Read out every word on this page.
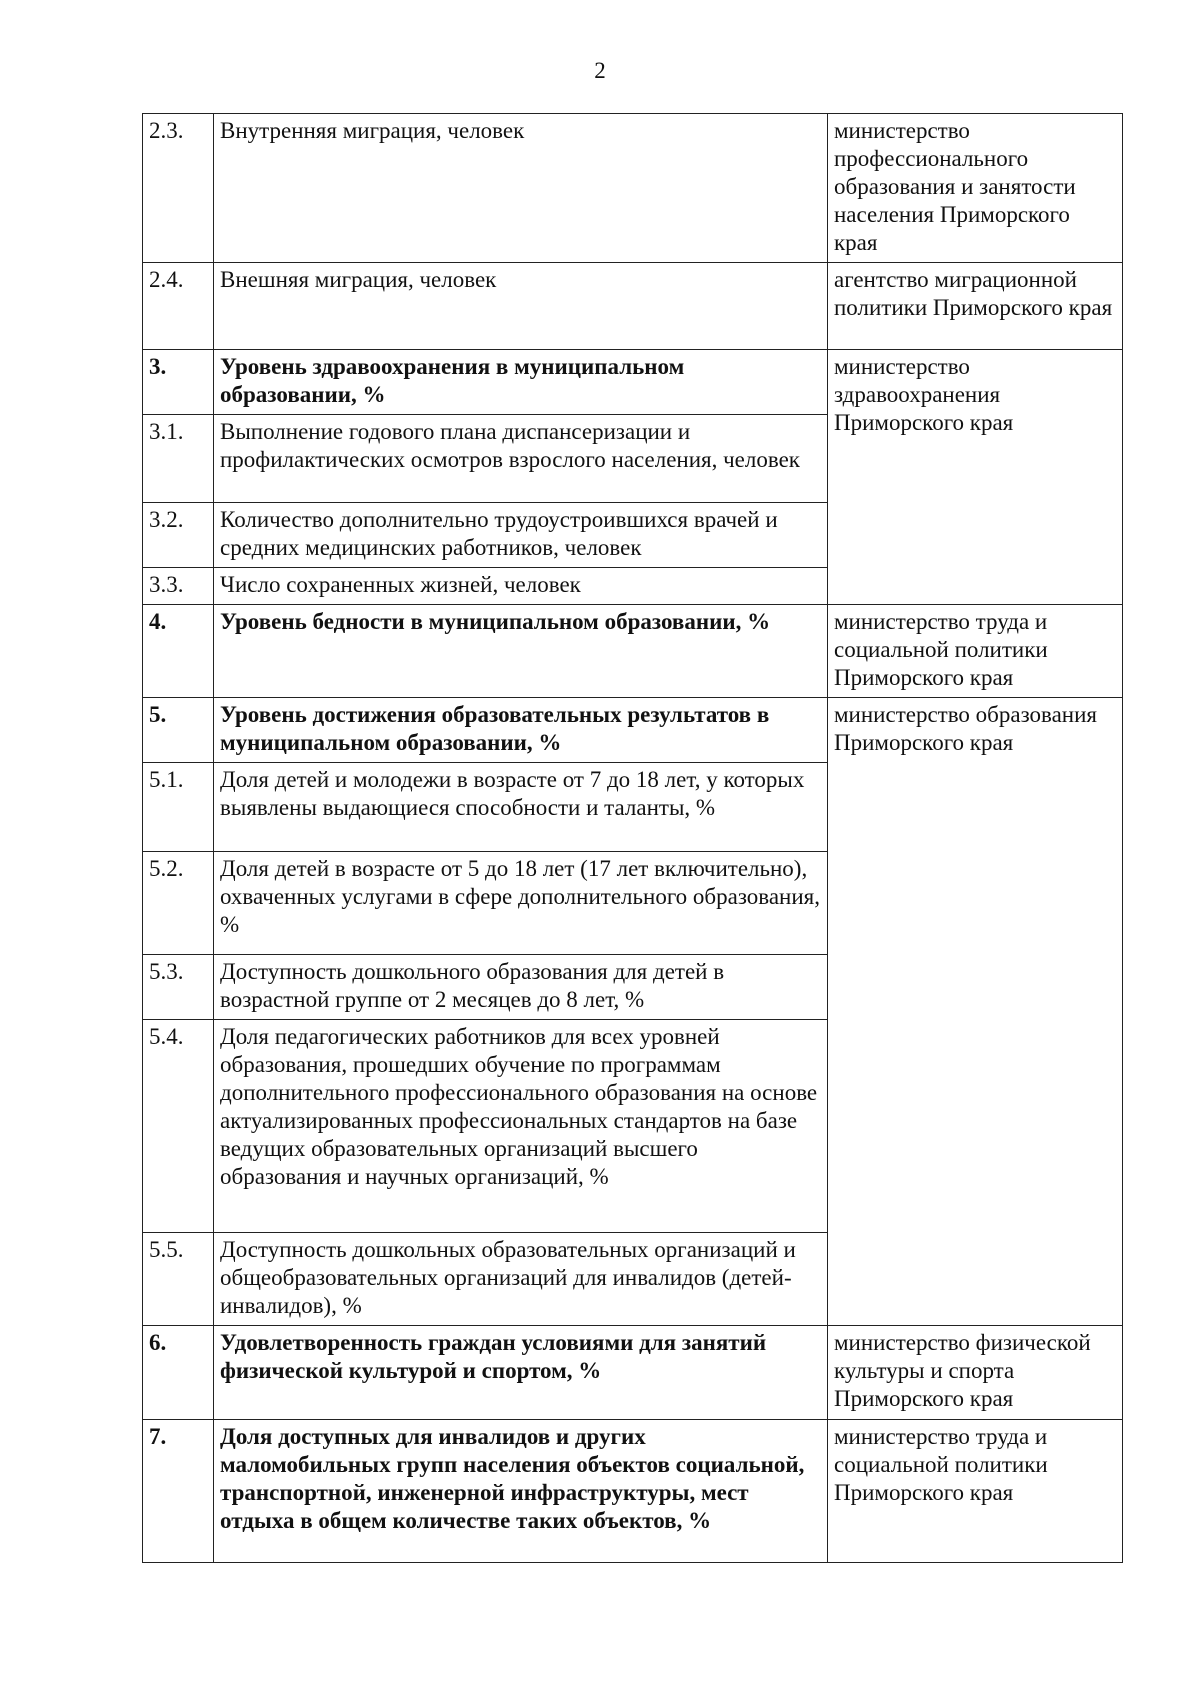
2
2.3.	Внутренняя миграция, человек	министерство профессионального образования и занятости населения Приморского края
2.4.	Внешняя миграция, человек	агентство миграционной политики Приморского края
3.	Уровень здравоохранения в муниципальном образовании, %	министерство здравоохранения Приморского края
3.1.	Выполнение годового плана диспансеризации и профилактических осмотров взрослого населения, человек	
3.2.	Количество дополнительно трудоустроившихся врачей и средних медицинских работников, человек	
3.3.	Число сохраненных жизней, человек	
4.	Уровень бедности в муниципальном образовании, %	министерство труда и социальной политики Приморского края
5.	Уровень достижения образовательных результатов в муниципальном образовании, %	министерство образования Приморского края
5.1.	Доля детей и молодежи в возрасте от 7 до 18 лет, у которых выявлены выдающиеся способности и таланты, %	
5.2.	Доля детей в возрасте от 5 до 18 лет (17 лет включительно), охваченных услугами в сфере дополнительного образования, %	
5.3.	Доступность дошкольного образования для детей в возрастной группе от 2 месяцев до 8 лет, %	
5.4.	Доля педагогических работников для всех уровней образования, прошедших обучение по программам дополнительного профессионального образования на основе актуализированных профессиональных стандартов на базе ведущих образовательных организаций высшего образования и научных организаций, %	
5.5.	Доступность дошкольных образовательных организаций и общеобразовательных организаций для инвалидов (детей-инвалидов), %	
6.	Удовлетворенность граждан условиями для занятий физической культурой и спортом, %	министерство физической культуры и спорта Приморского края
7.	Доля доступных для инвалидов и других маломобильных групп населения объектов социальной, транспортной, инженерной инфраструктуры, мест отдыха в общем количестве таких объектов, %	министерство труда и социальной политики Приморского края
